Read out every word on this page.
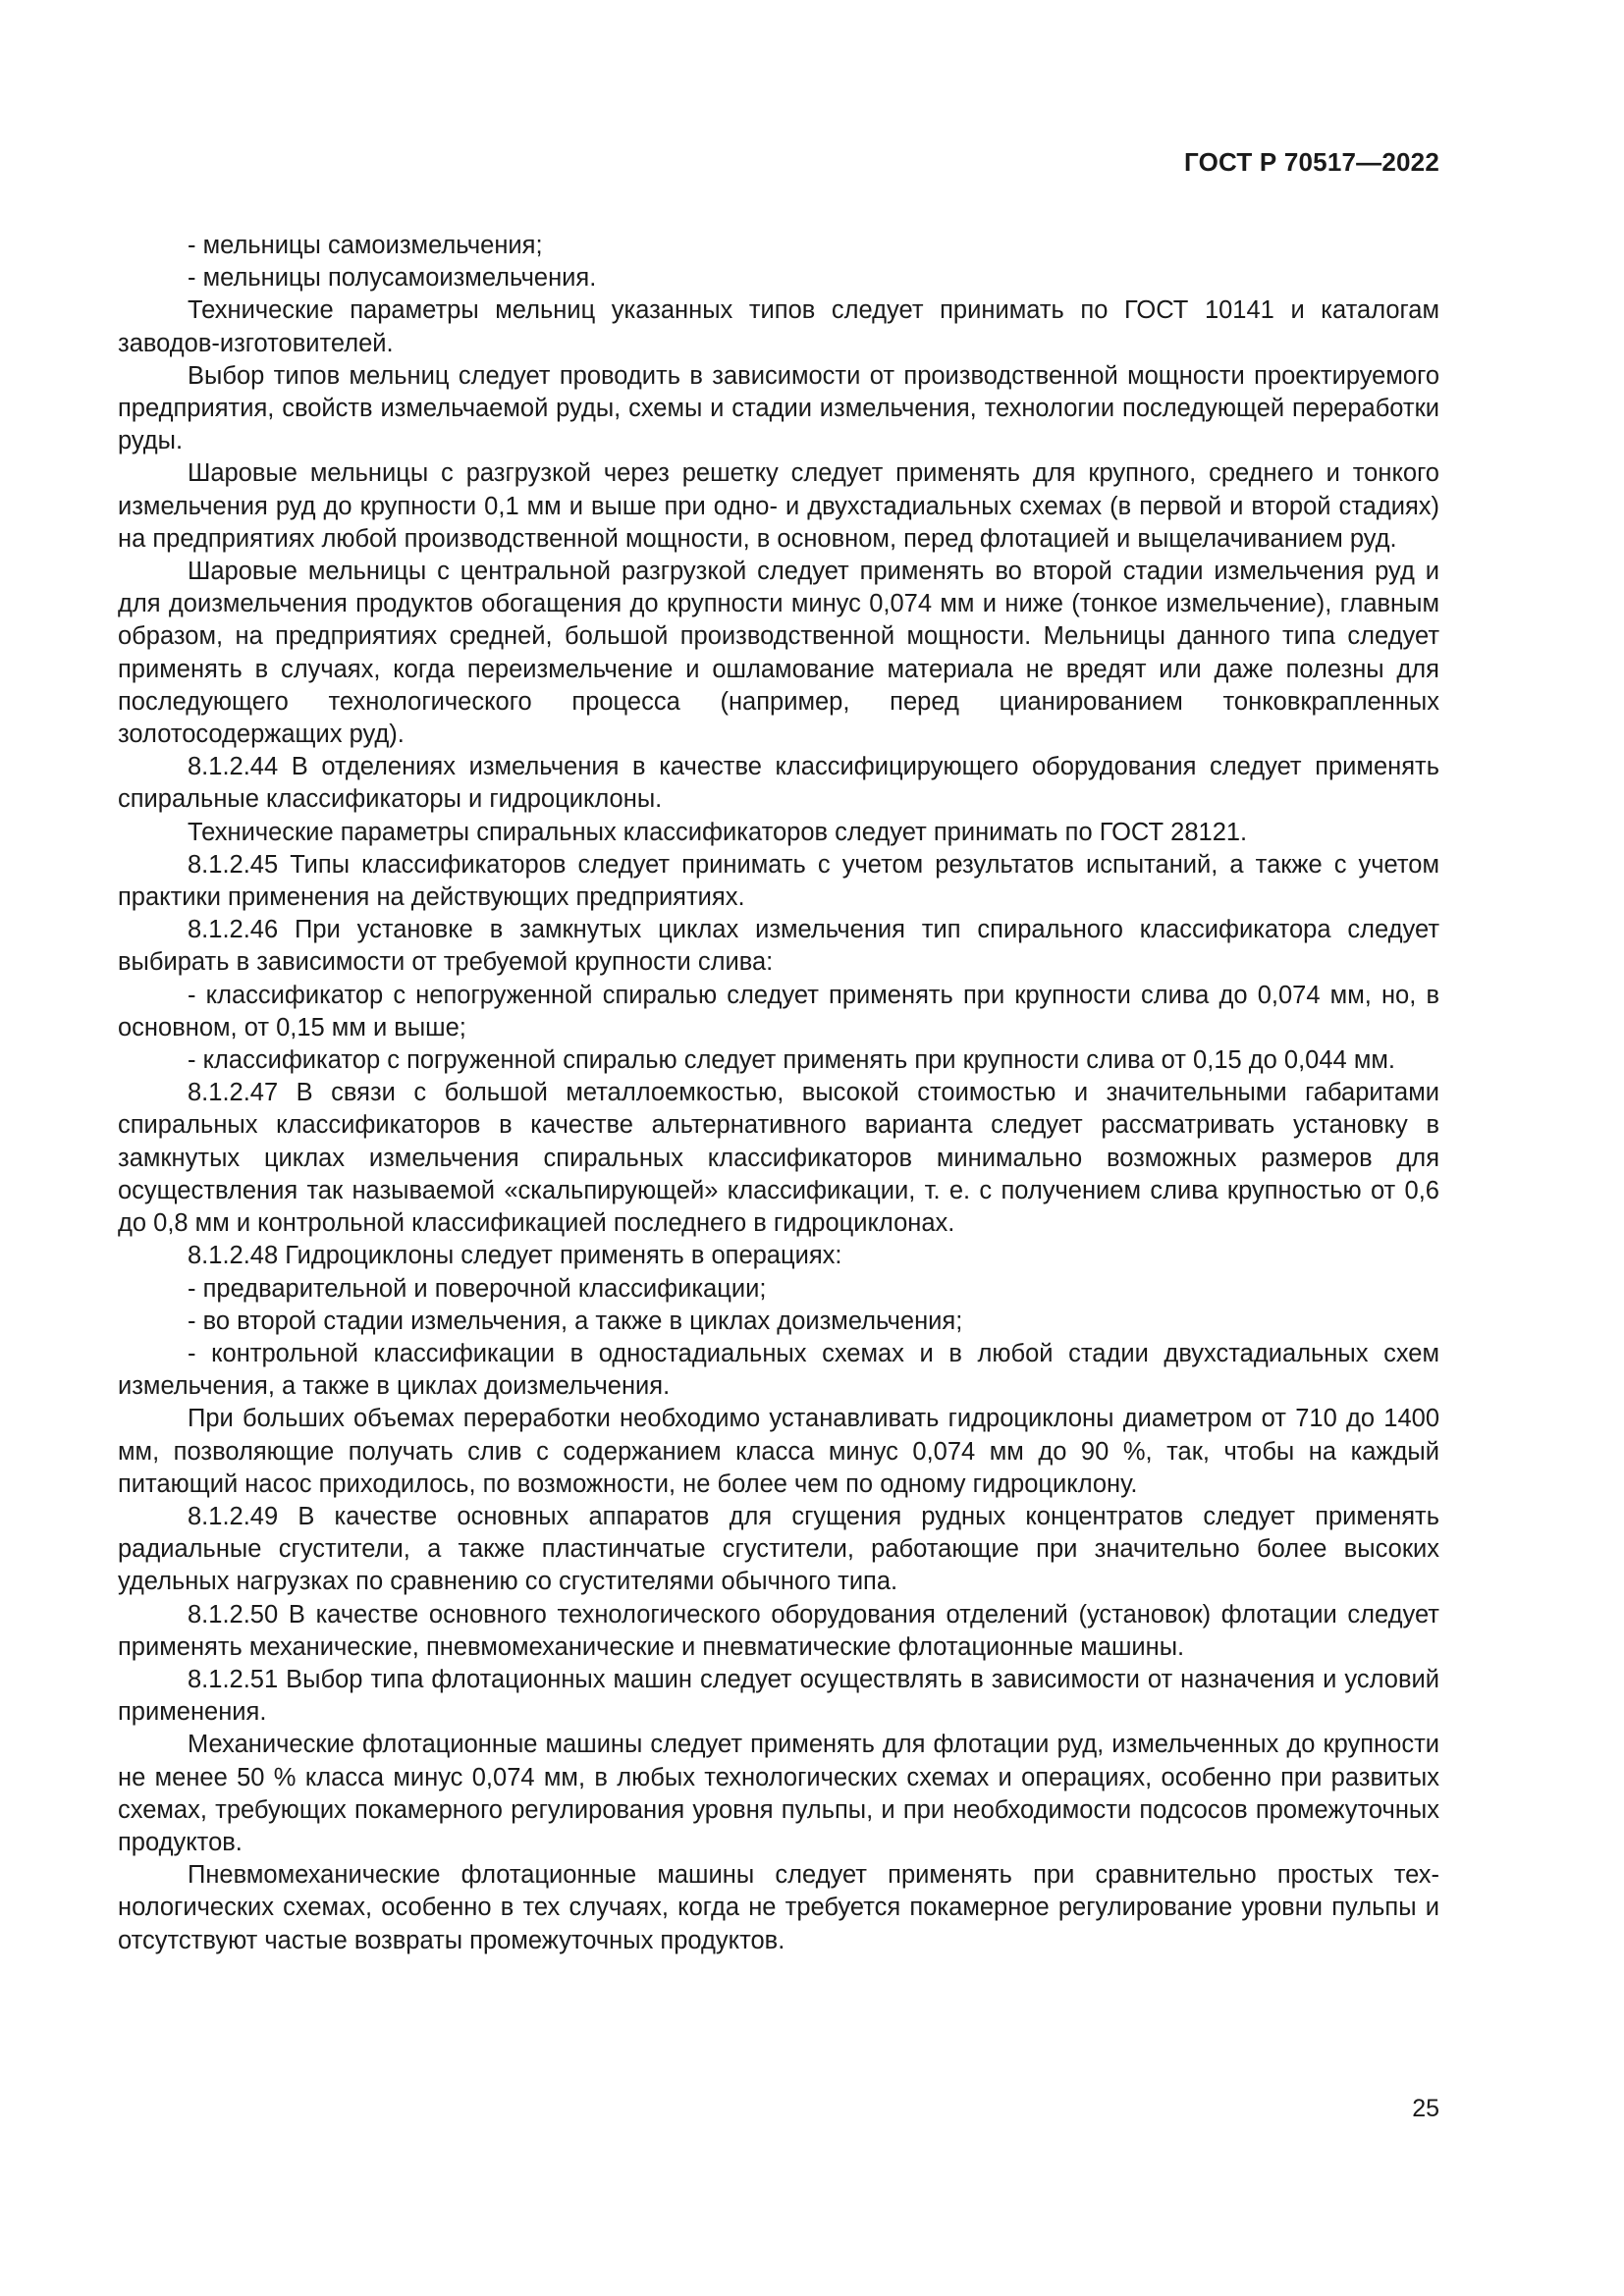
ГОСТ Р 70517—2022

- мельницы самоизмельчения;

- мельницы полусамоизмельчения.

Технические параметры мельниц указанных типов следует принимать по ГОСТ 10141 и каталогам заводов-изготовителей.

Выбор типов мельниц следует проводить в зависимости от производственной мощности проектируемого предприятия, свойств измельчаемой руды, схемы и стадии измельчения, технологии последующей переработки руды.

Шаровые мельницы с разгрузкой через решетку следует применять для крупного, среднего и тонкого измельчения руд до крупности 0,1 мм и выше при одно- и двухстадиальных схемах (в первой и второй стадиях) на предприятиях любой производственной мощности, в основном, перед флотацией и выщелачиванием руд.

Шаровые мельницы с центральной разгрузкой следует применять во второй стадии измельчения руд и для доизмельчения продуктов обогащения до крупности минус 0,074 мм и ниже (тонкое измельчение), главным образом, на предприятиях средней, большой производственной мощности. Мельницы данного типа следует применять в случаях, когда переизмельчение и ошламование материала не вредят или даже полезны для последующего технологического процесса (например, перед цианированием тонковкрапленных золотосодержащих руд).

8.1.2.44 В отделениях измельчения в качестве классифицирующего оборудования следует применять спиральные классификаторы и гидроциклоны.

Технические параметры спиральных классификаторов следует принимать по ГОСТ 28121.

8.1.2.45 Типы классификаторов следует принимать с учетом результатов испытаний, а также с учетом практики применения на действующих предприятиях.

8.1.2.46 При установке в замкнутых циклах измельчения тип спирального классификатора следует выбирать в зависимости от требуемой крупности слива:

- классификатор с непогруженной спиралью следует применять при крупности слива до 0,074 мм, но, в основном, от 0,15 мм и выше;

- классификатор с погруженной спиралью следует применять при крупности слива от 0,15 до 0,044 мм.

8.1.2.47 В связи с большой металлоемкостью, высокой стоимостью и значительными габаритами спиральных классификаторов в качестве альтернативного варианта следует рассматривать установку в замкнутых циклах измельчения спиральных классификаторов минимально возможных размеров для осуществления так называемой «скальпирующей» классификации, т. е. с получением слива крупностью от 0,6 до 0,8 мм и контрольной классификацией последнего в гидроциклонах.

8.1.2.48 Гидроциклоны следует применять в операциях:

- предварительной и поверочной классификации;

- во второй стадии измельчения, а также в циклах доизмельчения;

- контрольной классификации в одностадиальных схемах и в любой стадии двухстадиальных схем измельчения, а также в циклах доизмельчения.

При больших объемах переработки необходимо устанавливать гидроциклоны диаметром от 710 до 1400 мм, позволяющие получать слив с содержанием класса минус 0,074 мм до 90 %, так, чтобы на каждый питающий насос приходилось, по возможности, не более чем по одному гидроциклону.

8.1.2.49 В качестве основных аппаратов для сгущения рудных концентратов следует применять радиальные сгустители, а также пластинчатые сгустители, работающие при значительно более высоких удельных нагрузках по сравнению со сгустителями обычного типа.

8.1.2.50 В качестве основного технологического оборудования отделений (установок) флотации следует применять механические, пневмомеханические и пневматические флотационные машины.

8.1.2.51 Выбор типа флотационных машин следует осуществлять в зависимости от назначения и условий применения.

Механические флотационные машины следует применять для флотации руд, измельченных до крупности не менее 50 % класса минус 0,074 мм, в любых технологических схемах и операциях, особенно при развитых схемах, требующих покамерного регулирования уровня пульпы, и при необходимости подсосов промежуточных продуктов.

Пневмомеханические флотационные машины следует применять при сравнительно простых технологических схемах, особенно в тех случаях, когда не требуется покамерное регулирование уровни пульпы и отсутствуют частые возвраты промежуточных продуктов.

25
